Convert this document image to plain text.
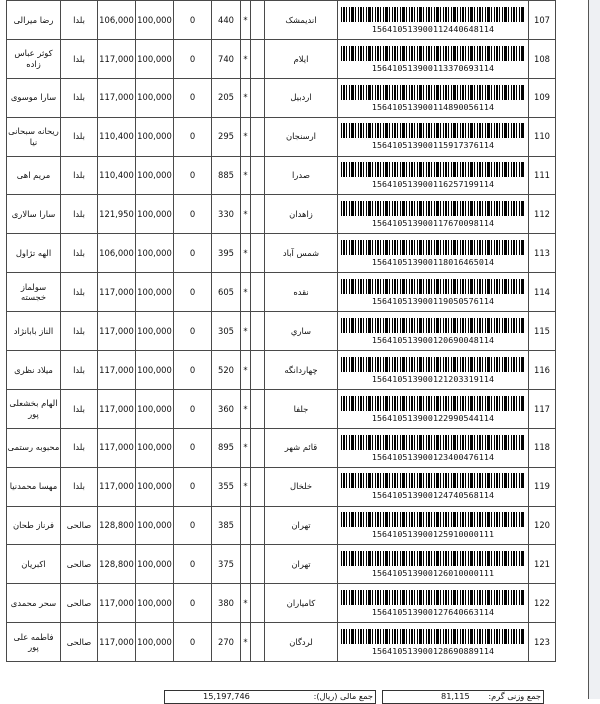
رضا میرالی	بلدا	106,000	100,000	0	440	*		اندیمشک	156410513900112440648114	107
کوثر عباس زاده	بلدا	117,000	100,000	0	740	*		ایلام	156410513900113370693114	108
سارا موسوی	بلدا	117,000	100,000	0	205	*		اردبیل	156410513900114890056114	109
ریحانه سبحانی نیا	بلدا	110,400	100,000	0	295	*		ارسنجان	156410513900115917376114	110
مریم اهی	بلدا	110,400	100,000	0	885	*		صدرا	156410513900116257199114	111
سارا سالاری	بلدا	121,950	100,000	0	330	*		زاهدان	156410513900117670098114	112
الهه تژاول	بلدا	106,000	100,000	0	395	*		شمس آباد	156410513900118016465014	113
سولماز خجسته	بلدا	117,000	100,000	0	605	*		نقده	156410513900119050576114	114
الناز بابانژاد	بلدا	117,000	100,000	0	305	*		ساري	156410513900120690048114	115
میلاد نظری	بلدا	117,000	100,000	0	520	*		چهاردانگه	156410513900121203319114	116
الهام بخشعلی پور	بلدا	117,000	100,000	0	360	*		جلفا	156410513900122990544114	117
محبوبه رستمی	بلدا	117,000	100,000	0	895	*		قائم شهر	156410513900123400476114	118
مهسا محمدنیا	بلدا	117,000	100,000	0	355	*		خلخال	156410513900124740568114	119
فرناز طحان	صالحی	128,800	100,000	0	385			تهران	156410513900125910000111	120
اکبریان	صالحی	128,800	100,000	0	375			تهران	156410513900126010000111	121
سحر محمدی	صالحی	117,000	100,000	0	380	*		کامیاران	156410513900127640663114	122
فاطمه علی پور	صالحی	117,000	100,000	0	270	*		لردگان	156410513900128690889114	123
جمع وزنی گرم:
81,115
جمع مالی (ریال):
15,197,746
